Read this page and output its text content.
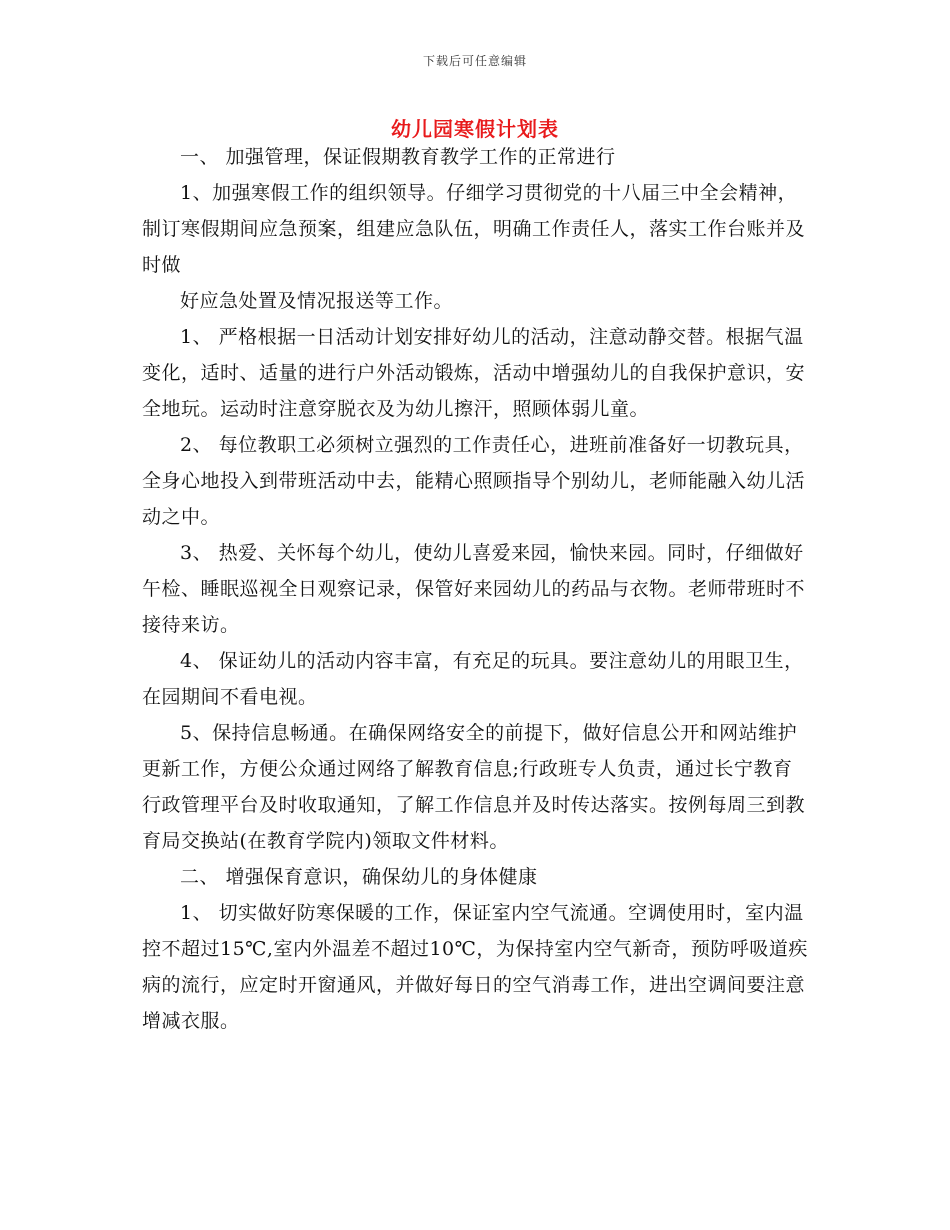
下载后可任意编辑
幼儿园寒假计划表

一、 加强管理，保证假期教育教学工作的正常进行

1、加强寒假工作的组织领导。仔细学习贯彻党的十八届三中全会精神，制订寒假期间应急预案，组建应急队伍，明确工作责任人，落实工作台账并及时做

好应急处置及情况报送等工作。

1、 严格根据一日活动计划安排好幼儿的活动，注意动静交替。根据气温变化，适时、适量的进行户外活动锻炼，活动中增强幼儿的自我保护意识，安全地玩。运动时注意穿脱衣及为幼儿擦汗，照顾体弱儿童。

2、 每位教职工必须树立强烈的工作责任心，进班前准备好一切教玩具，全身心地投入到带班活动中去，能精心照顾指导个别幼儿，老师能融入幼儿活动之中。

3、 热爱、关怀每个幼儿，使幼儿喜爱来园，愉快来园。同时，仔细做好午检、睡眠巡视全日观察记录，保管好来园幼儿的药品与衣物。老师带班时不接待来访。

4、 保证幼儿的活动内容丰富，有充足的玩具。要注意幼儿的用眼卫生，在园期间不看电视。

5、保持信息畅通。在确保网络安全的前提下，做好信息公开和网站维护更新工作，方便公众通过网络了解教育信息;行政班专人负责，通过长宁教育行政管理平台及时收取通知，了解工作信息并及时传达落实。按例每周三到教育局交换站(在教育学院内)领取文件材料。

二、 增强保育意识，确保幼儿的身体健康

1、 切实做好防寒保暖的工作，保证室内空气流通。空调使用时，室内温控不超过15℃,室内外温差不超过10℃，为保持室内空气新奇，预防呼吸道疾病的流行，应定时开窗通风，并做好每日的空气消毒工作，进出空调间要注意增减衣服。
